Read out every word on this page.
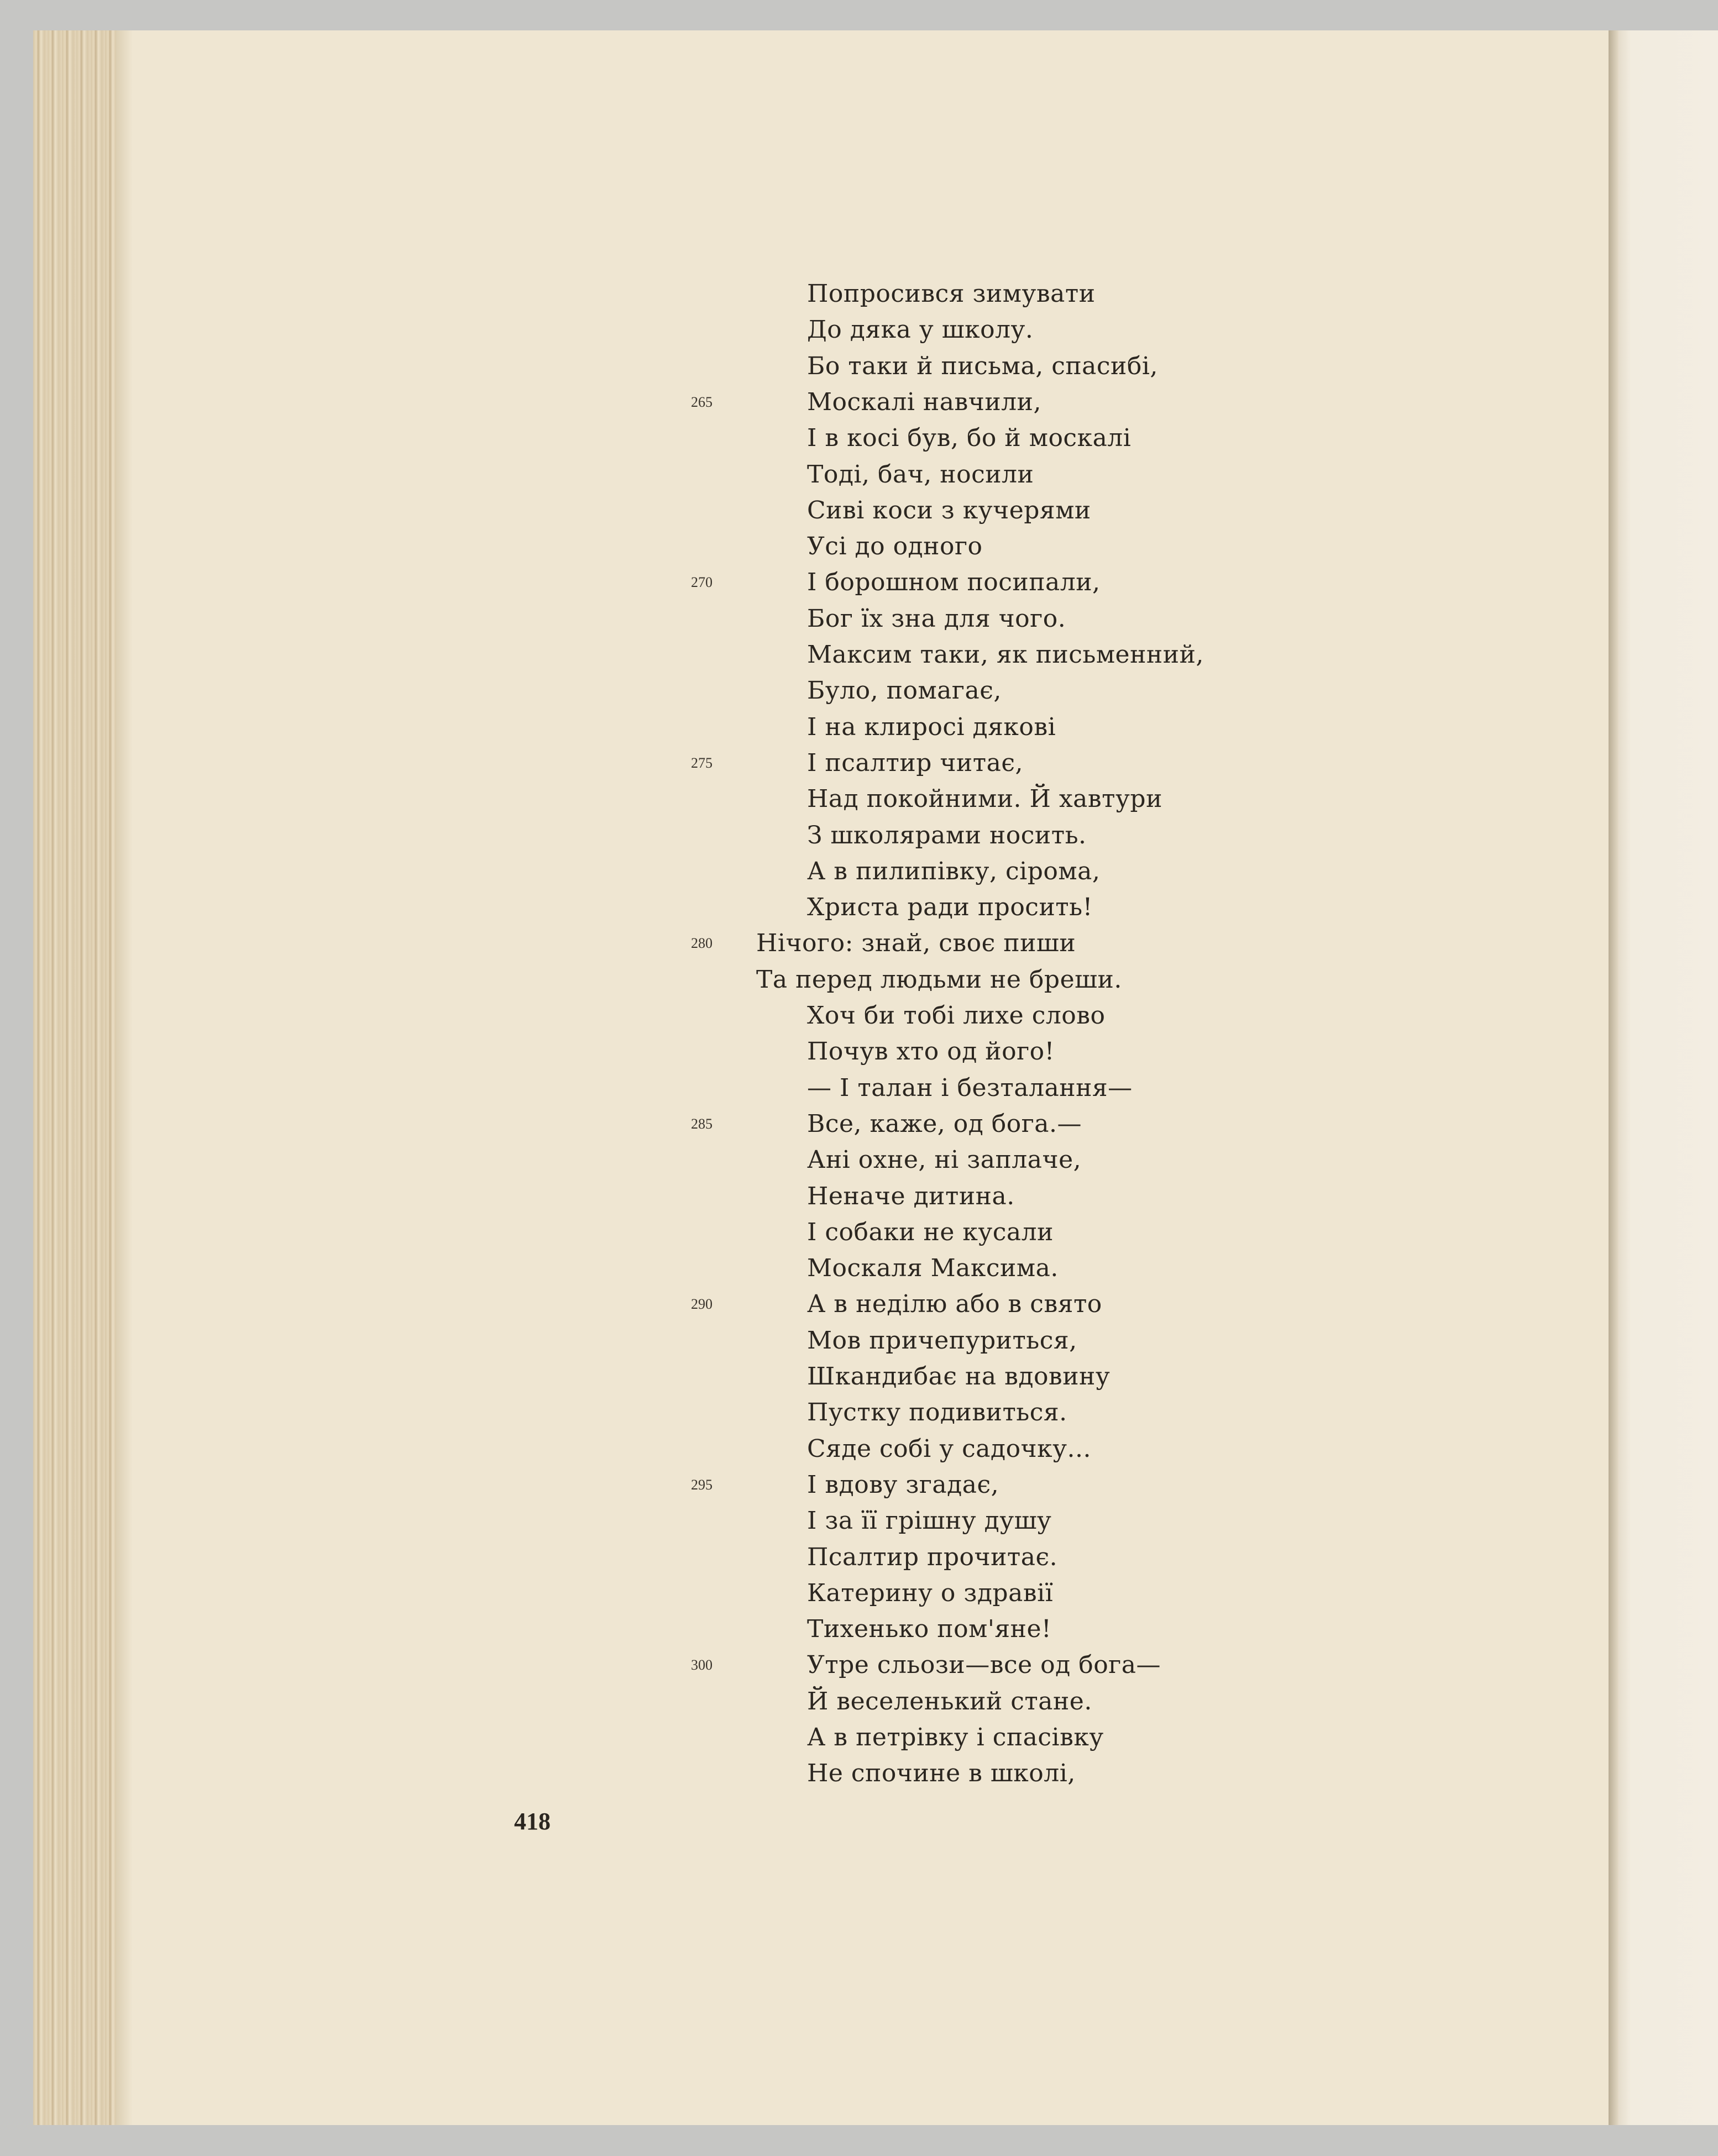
Попросився зимувати
До дяка у школу.
Бо таки й письма, спасибі,
Москалі навчили,
265
І в косі був, бо й москалі
Тоді, бач, носили
Сиві коси з кучерями
Усі до одного
І борошном посипали,
270
Бог їх зна для чого.
Максим таки, як письменний,
Було, помагає,
І на клиросі дякові
І псалтир читає,
275
Над покойними. Й хавтури
З школярами носить.
А в пилипівку, сірома,
Христа ради просить!
Нічого: знай, своє пиши
280
Та перед людьми не бреши.
Хоч би тобі лихе слово
Почув хто од його!
— І талан і безталання—
Все, каже, од бога.—
285
Ані охне, ні заплаче,
Неначе дитина.
І собаки не кусали
Москаля Максима.
А в неділю або в свято
290
Мов причепуриться,
Шкандибає на вдовину
Пустку подивиться.
Сяде собі у садочку...
І вдову згадає,
295
І за її грішну душу
Псалтир прочитає.
Катерину о здравії
Тихенько пом'яне!
Утре сльози—все од бога—
300
Й веселенький стане.
А в петрівку і спасівку
Не спочине в школі,
418
